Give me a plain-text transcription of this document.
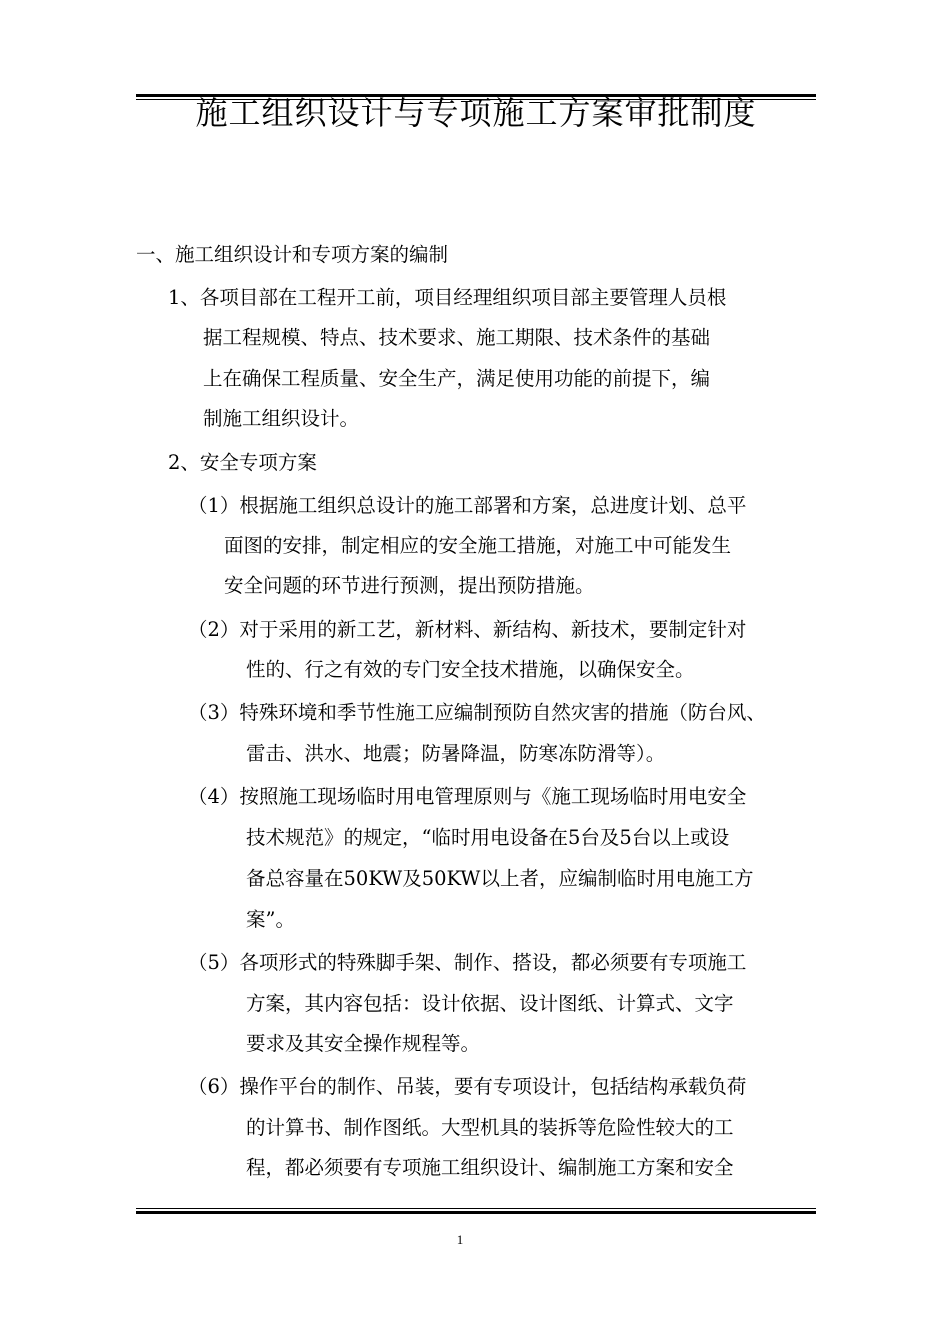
施工组织设计与专项施工方案审批制度
一、施工组织设计和专项方案的编制
1、各项目部在工程开工前，项目经理组织项目部主要管理人员根
据工程规模、特点、技术要求、施工期限、技术条件的基础
上在确保工程质量、安全生产，满足使用功能的前提下，编
制施工组织设计。
2、安全专项方案
（1）根据施工组织总设计的施工部署和方案，总进度计划、总平
面图的安排，制定相应的安全施工措施，对施工中可能发生
安全问题的环节进行预测，提出预防措施。
（2）对于采用的新工艺，新材料、新结构、新技术，要制定针对
性的、行之有效的专门安全技术措施，以确保安全。
（3）特殊环境和季节性施工应编制预防自然灾害的措施（防台风、
雷击、洪水、地震；防暑降温，防寒冻防滑等）。
（4）按照施工现场临时用电管理原则与《施工现场临时用电安全
技术规范》的规定，“临时用电设备在5台及5台以上或设
备总容量在50KW及50KW以上者，应编制临时用电施工方
案”。
（5）各项形式的特殊脚手架、制作、搭设，都必须要有专项施工
方案，其内容包括：设计依据、设计图纸、计算式、文字
要求及其安全操作规程等。
（6）操作平台的制作、吊装，要有专项设计，包括结构承载负荷
的计算书、制作图纸。大型机具的装拆等危险性较大的工
程，都必须要有专项施工组织设计、编制施工方案和安全
1
